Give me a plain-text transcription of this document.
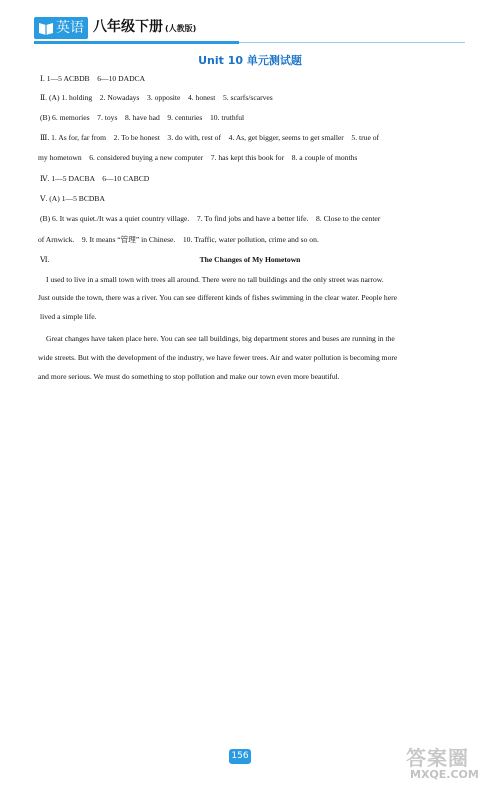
英语 八年级下册 (人教版)
Unit 10 单元测试题
Ⅰ. 1—5 ACBDB　6—10 DADCA
Ⅱ. (A) 1. holding　2. Nowadays　3. opposite　4. honest　5. scarfs/scarves
(B) 6. memories　7. toys　8. have had　9. centuries　10. truthful
Ⅲ. 1. As for, far from　2. To be honest　3. do with, rest of　4. As, get bigger, seems to get smaller　5. true of
my hometown　6. considered buying a new computer　7. has kept this book for　8. a couple of months
Ⅳ. 1—5 DACBA　6—10 CABCD
Ⅴ. (A) 1—5 BCDBA
(B) 6. It was quiet./It was a quiet country village.　7. To find jobs and have a better life.　8. Close to the center
of Arnwick.　9. It means “管理” in Chinese.　10. Traffic, water pollution, crime and so on.
Ⅵ.	The Changes of My Hometown
I used to live in a small town with trees all around. There were no tall buildings and the only street was narrow.
Just outside the town, there was a river. You can see different kinds of fishes swimming in the clear water. People here
lived a simple life.
Great changes have taken place here. You can see tall buildings, big department stores and buses are running in the
wide streets. But with the development of the industry, we have fewer trees. Air and water pollution is becoming more
and more serious. We must do something to stop pollution and make our town even more beautiful.
156	答案圈
MXQE.COM
